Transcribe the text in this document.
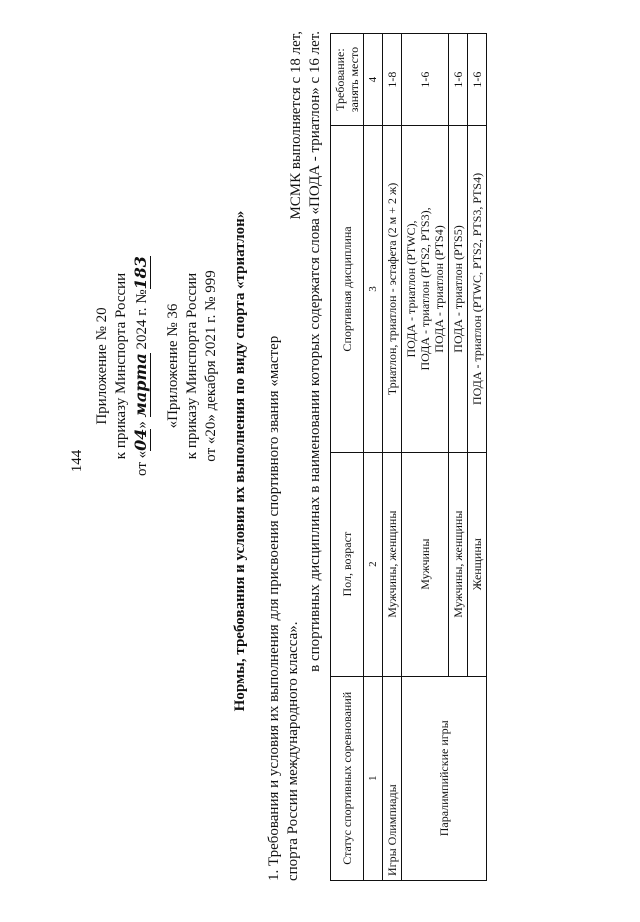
144
Приложение № 20 к приказу Минспорта России
от «04» марта 2024 г. №183
«Приложение № 36 к приказу Минспорта России от «20» декабря 2021 г. № 999 Нормы, требования и условия их выполнения по виду спорта «триатлон» 1. Требования и условия их выполнения для присвоения спортивного звания «мастер спорта России международного класса».
МСМК выполняется с 18 лет, в спортивных дисциплинах в наименовании которых содержатся слова «ПОДА - триатлон» с 16 лет.
Статус спортивных соревнований	Пол, возраст	Спортивная дисциплина	Требование: занять место
1	2	3	4
Игры Олимпиады	Мужчины, женщины	Триатлон, триатлон - эстафета (2 м + 2 ж)	1-8
Паралимпийские игры	Мужчины	ПОДА - триатлон (PTWC),
ПОДА - триатлон (PTS2, PTS3),
ПОДА - триатлон (PTS4)	1-6
	Мужчины, женщины	ПОДА - триатлон (PTS5)	1-6
	Женщины	ПОДА - триатлон (PTWC, PTS2, PTS3, PTS4)	1-6
